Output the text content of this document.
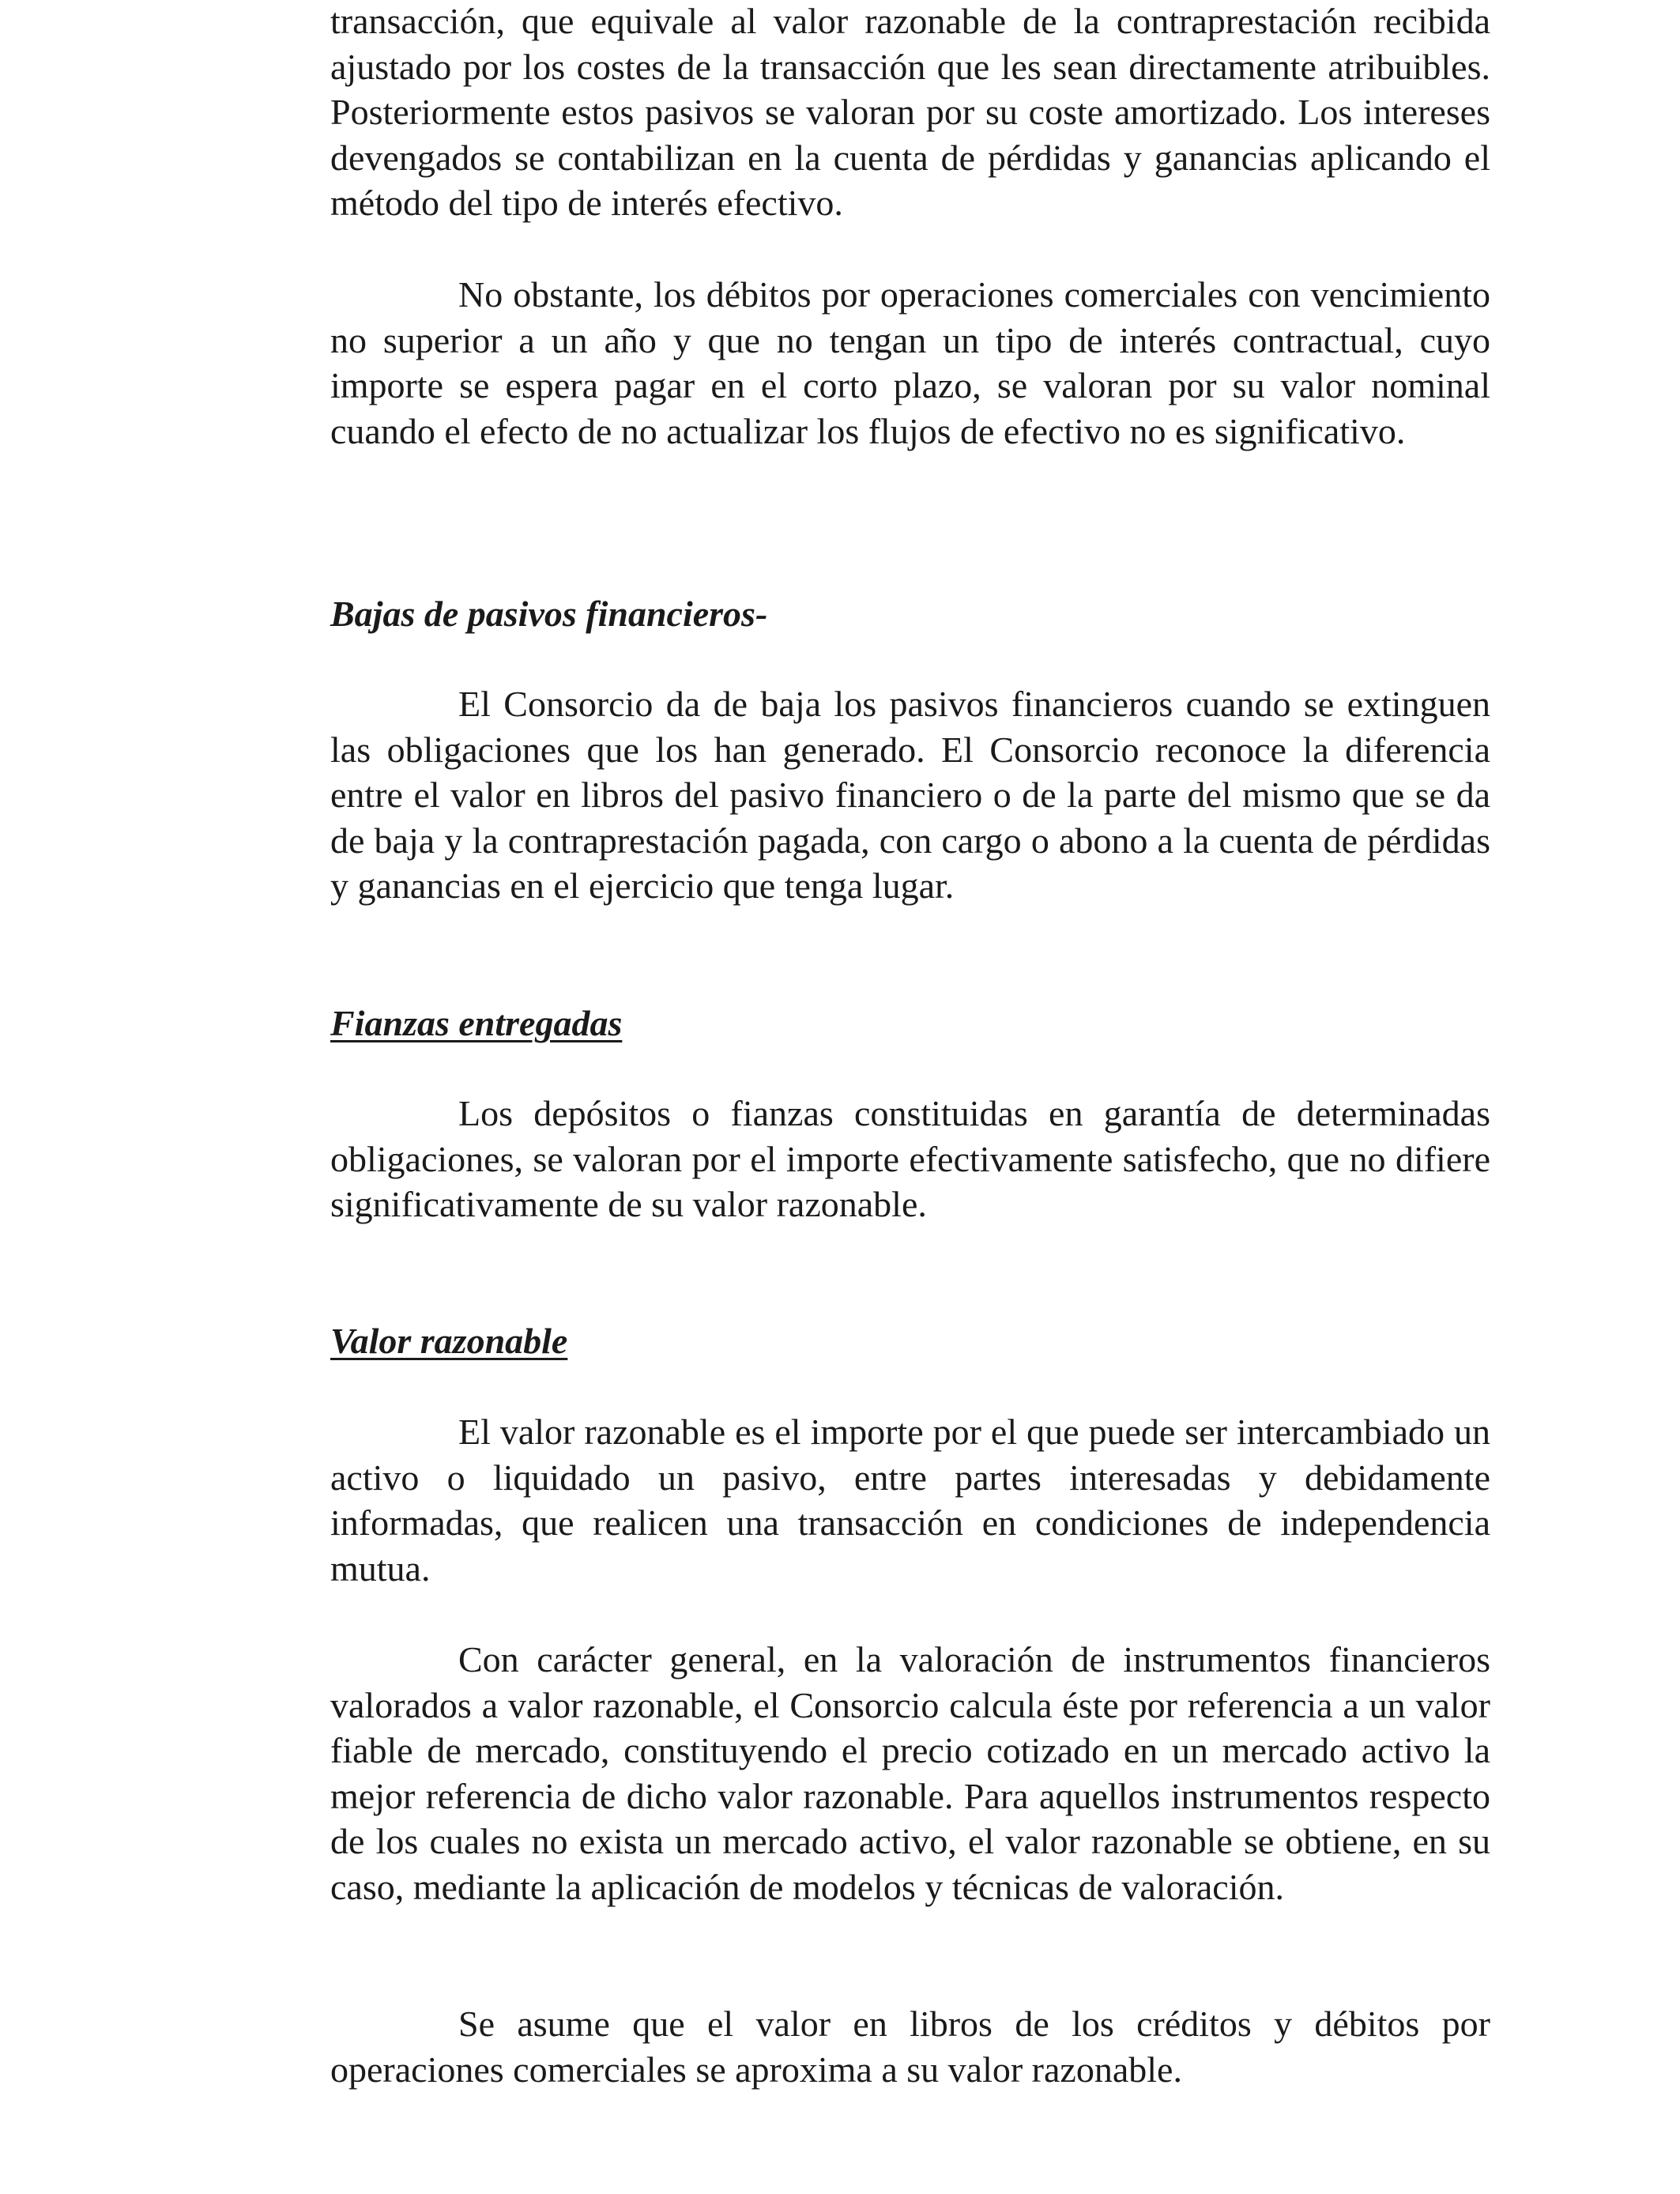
transacción, que equivale al valor razonable de la contraprestación recibida ajustado por los costes de la transacción que les sean directamente atribuibles. Posteriormente estos pasivos se valoran por su coste amortizado. Los intereses devengados se contabilizan en la cuenta de pérdidas y ganancias aplicando el método del tipo de interés efectivo.

No obstante, los débitos por operaciones comerciales con vencimiento no superior a un año y que no tengan un tipo de interés contractual, cuyo importe se espera pagar en el corto plazo, se valoran por su valor nominal cuando el efecto de no actualizar los flujos de efectivo no es significativo.

Bajas de pasivos financieros-

El Consorcio da de baja los pasivos financieros cuando se extinguen las obligaciones que los han generado. El Consorcio reconoce la diferencia entre el valor en libros del pasivo financiero o de la parte del mismo que se da de baja y la contraprestación pagada, con cargo o abono a la cuenta de pérdidas y ganancias en el ejercicio que tenga lugar.

Fianzas entregadas

Los depósitos o fianzas constituidas en garantía de determinadas obligaciones, se valoran por el importe efectivamente satisfecho, que no difiere significativamente de su valor razonable.

Valor razonable

El valor razonable es el importe por el que puede ser intercambiado un activo o liquidado un pasivo, entre partes interesadas y debidamente informadas, que realicen una transacción en condiciones de independencia mutua.

Con carácter general, en la valoración de instrumentos financieros valorados a valor razonable, el Consorcio calcula éste por referencia a un valor fiable de mercado, constituyendo el precio cotizado en un mercado activo la mejor referencia de dicho valor razonable. Para aquellos instrumentos respecto de los cuales no exista un mercado activo, el valor razonable se obtiene, en su caso, mediante la aplicación de modelos y técnicas de valoración.

Se asume que el valor en libros de los créditos y débitos por operaciones comerciales se aproxima a su valor razonable.
